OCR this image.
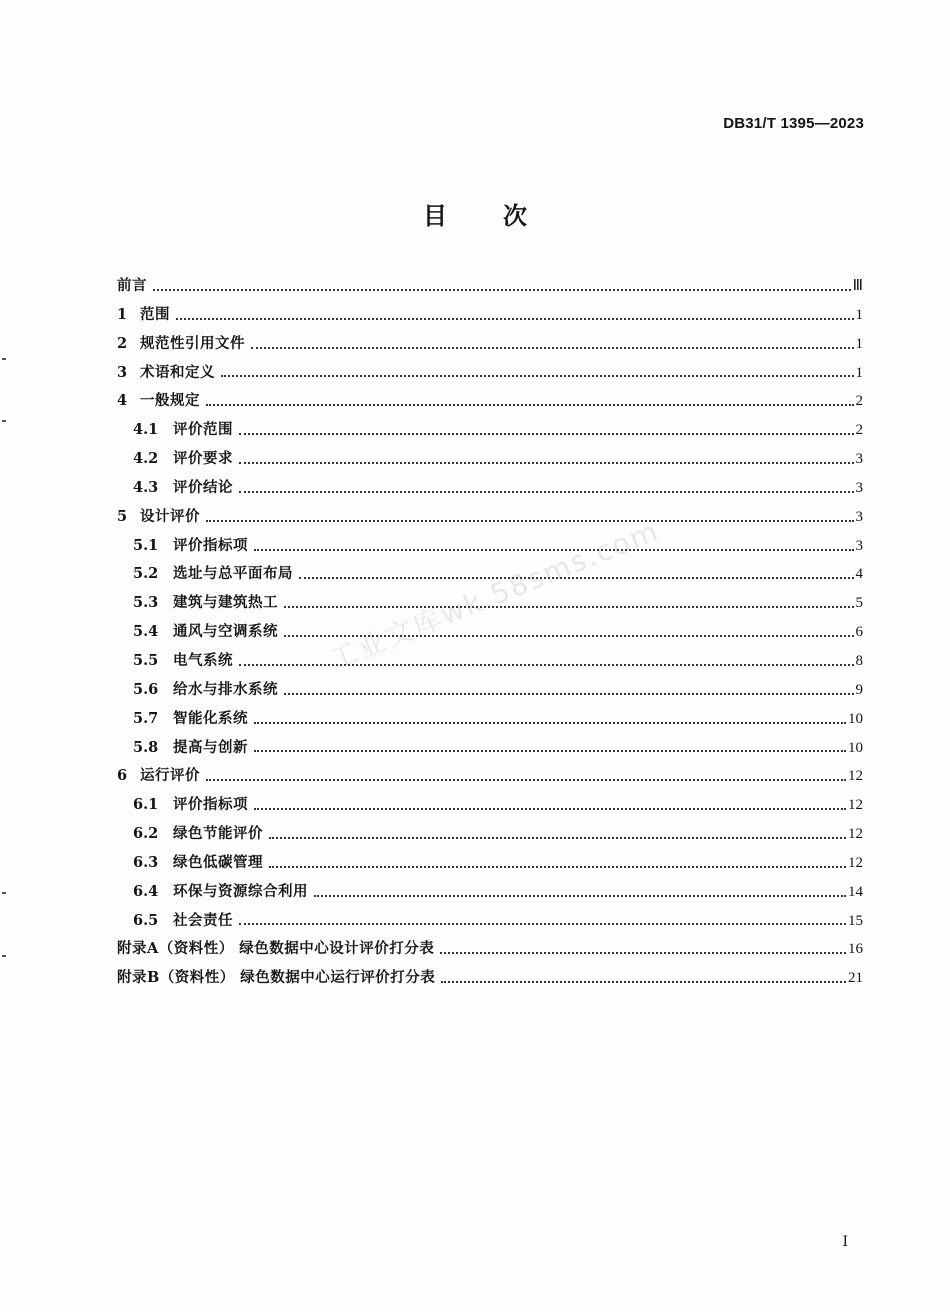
DB31/T 1395—2023
目次
前言	Ⅲ
1 范围	1
2 规范性引用文件	1
3 术语和定义	1
4 一般规定	2
4.1	评价范围	2
4.2	评价要求	3
4.3	评价结论	3
5 设计评价	3
5.1	评价指标项	3
5.2	选址与总平面布局	4
5.3	建筑与建筑热工	5
5.4	通风与空调系统	6
5.5	电气系统	8
5.6	给水与排水系统	9
5.7	智能化系统	10
5.8	提高与创新	10
6 运行评价	12
6.1	评价指标项	12
6.2	绿色节能评价	12
6.3	绿色低碳管理	12
6.4	环保与资源综合利用	14
6.5	社会责任	15
附录A（资料性） 绿色数据中心设计评价打分表	16
附录B（资料性） 绿色数据中心运行评价打分表	21
工业文库wk.58sms.com
I
